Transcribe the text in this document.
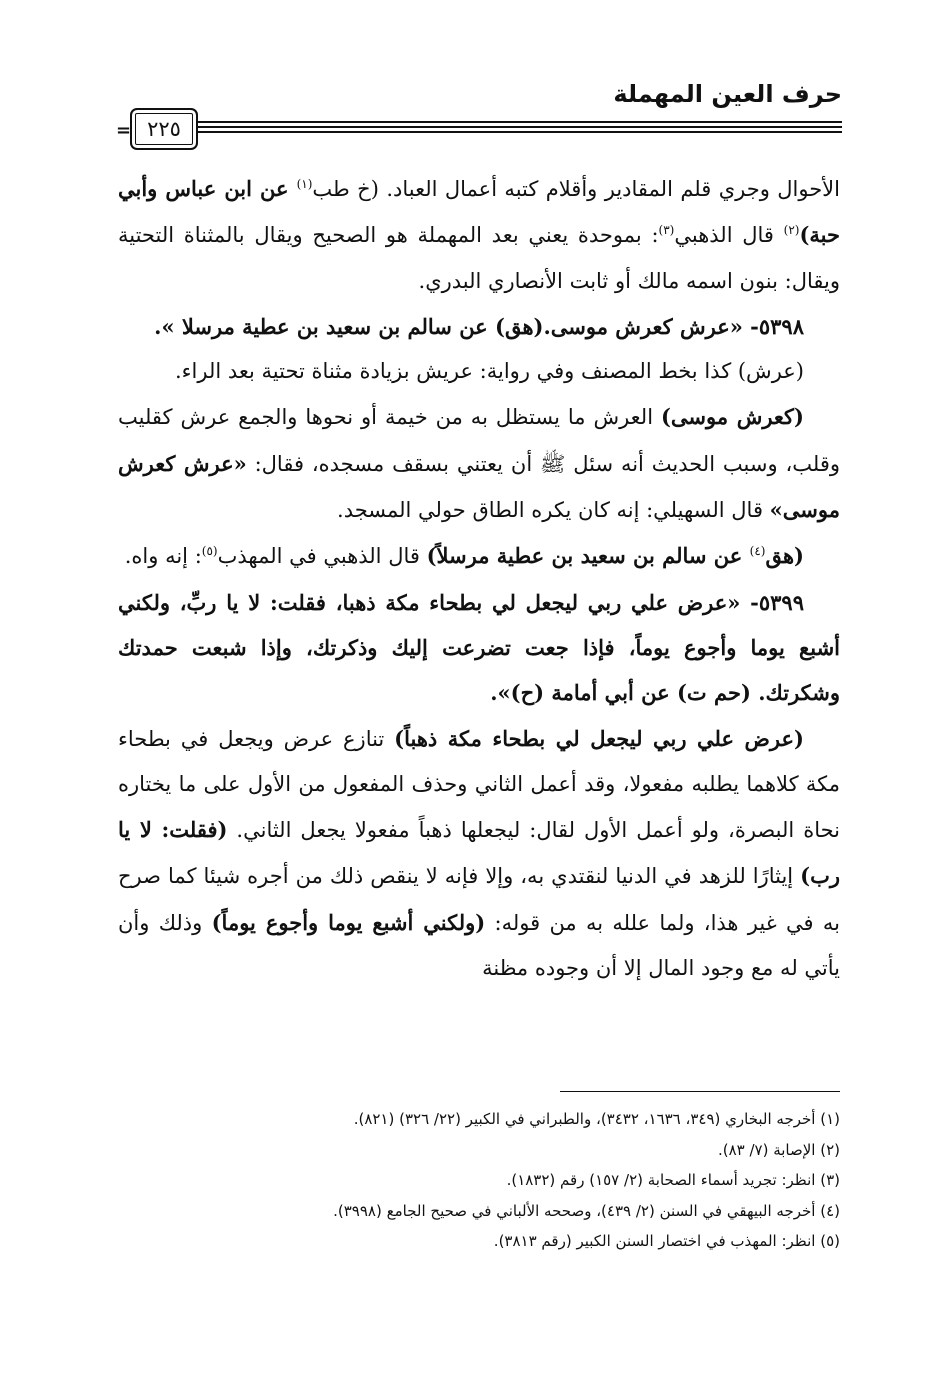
حرف العين المهملة
٢٢٥
=

الأحوال وجري قلم المقادير وأقلام كتبه أعمال العباد. (خ طب$^{(١)}$ عن ابن عباس وأبي حبة)$^{(٢)}$ قال الذهبي$^{(٣)}$: بموحدة يعني بعد المهملة هو الصحيح ويقال بالمثناة التحتية ويقال: بنون اسمه مالك أو ثابت الأنصاري البدري.

٥٣٩٨- «عرش كعرش موسى.(هق) عن سالم بن سعيد بن عطية مرسلا ».

(عرش) كذا بخط المصنف وفي رواية: عريش بزيادة مثناة تحتية بعد الراء.

(كعرش موسى) العرش ما يستظل به من خيمة أو نحوها والجمع عرش كقليب وقلب، وسبب الحديث أنه سئل ﷺ أن يعتني بسقف مسجده، فقال: «عرش كعرش موسى» قال السهيلي: إنه كان يكره الطاق حولي المسجد.

(هق$^{(٤)}$ عن سالم بن سعيد بن عطية مرسلاً) قال الذهبي في المهذب$^{(٥)}$: إنه واه.

٥٣٩٩- «عرض علي ربي ليجعل لي بطحاء مكة ذهبا، فقلت: لا يا ربِّ، ولكني أشبع يوما وأجوع يوماً، فإذا جعت تضرعت إليك وذكرتك، وإذا شبعت حمدتك وشكرتك. (حم ت) عن أبي أمامة (ح)».

(عرض علي ربي ليجعل لي بطحاء مكة ذهباً) تنازع عرض ويجعل في بطحاء مكة كلاهما يطلبه مفعولا، وقد أعمل الثاني وحذف المفعول من الأول على ما يختاره نحاة البصرة، ولو أعمل الأول لقال: ليجعلها ذهباً مفعولا يجعل الثاني. (فقلت: لا يا رب) إيثارًا للزهد في الدنيا لنقتدي به، وإلا فإنه لا ينقص ذلك من أجره شيئا كما صرح به في غير هذا، ولما علله به من قوله: (ولكني أشبع يوما وأجوع يوماً) وذلك وأن يأتي له مع وجود المال إلا أن وجوده مظنة

(١) أخرجه البخاري (٣٤٩، ١٦٣٦، ٣٤٣٢)، والطبراني في الكبير (٢٢/ ٣٢٦) (٨٢١).
(٢) الإصابة (٧/ ٨٣).
(٣) انظر: تجريد أسماء الصحابة (٢/ ١٥٧) رقم (١٨٣٢).
(٤) أخرجه البيهقي في السنن (٢/ ٤٣٩)، وصححه الألباني في صحيح الجامع (٣٩٩٨).
(٥) انظر: المهذب في اختصار السنن الكبير (رقم ٣٨١٣).
